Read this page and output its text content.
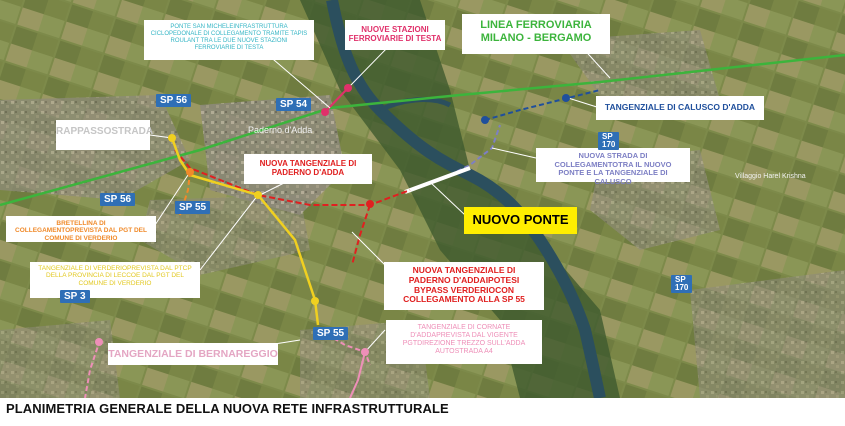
Paderno d'Adda
Villaggio Harel Krishna
LINEA FERROVIARIA
MILANO - BERGAMO
NUOVE STAZIONI
FERROVIARIE DI TESTA
PONTE SAN MICHELEINFRASTRUTTURA CICLOPEDONALE DI COLLEGAMENTO TRAMITE TAPIS ROULANT TRA LE DUE NUOVE STAZIONI FERROVIARIE DI TESTA
TANGENZIALE DI CALUSCO D'ADDA
NUOVA STRADA DI COLLEGAMENTOTRA IL NUOVO PONTE E LA TANGENZIALE DI CALUSCO
RAPPASSOSTRADA
NUOVA TANGENZIALE DI PADERNO D'ADDA
NUOVO PONTE
BRETELLINA DI COLLEGAMENTOPREVISTA DAL PGT DEL COMUNE DI VERDERIO
TANGENZIALE DI VERDERIOPREVISTA DAL PTCP DELLA PROVINCIA DI LECCOE DAL PGT DEL COMUNE DI VERDERIO
NUOVA TANGENZIALE DI PADERNO D'ADDAIPOTESI BYPASS VERDERIOCON COLLEGAMENTO ALLA SP 55
TANGENZIALE DI CORNATE D'ADDAPREVISTA DAL VIGENTE PGTDIREZIONE TREZZO SULL'ADDA AUTOSTRADA A4
TANGENZIALE DI BERNAREGGIO
SP 56	SP 54
SP 56
SP 55
SP 3
SP 55
SP
170
SP
170
PLANIMETRIA GENERALE DELLA NUOVA RETE INFRASTRUTTURALE
